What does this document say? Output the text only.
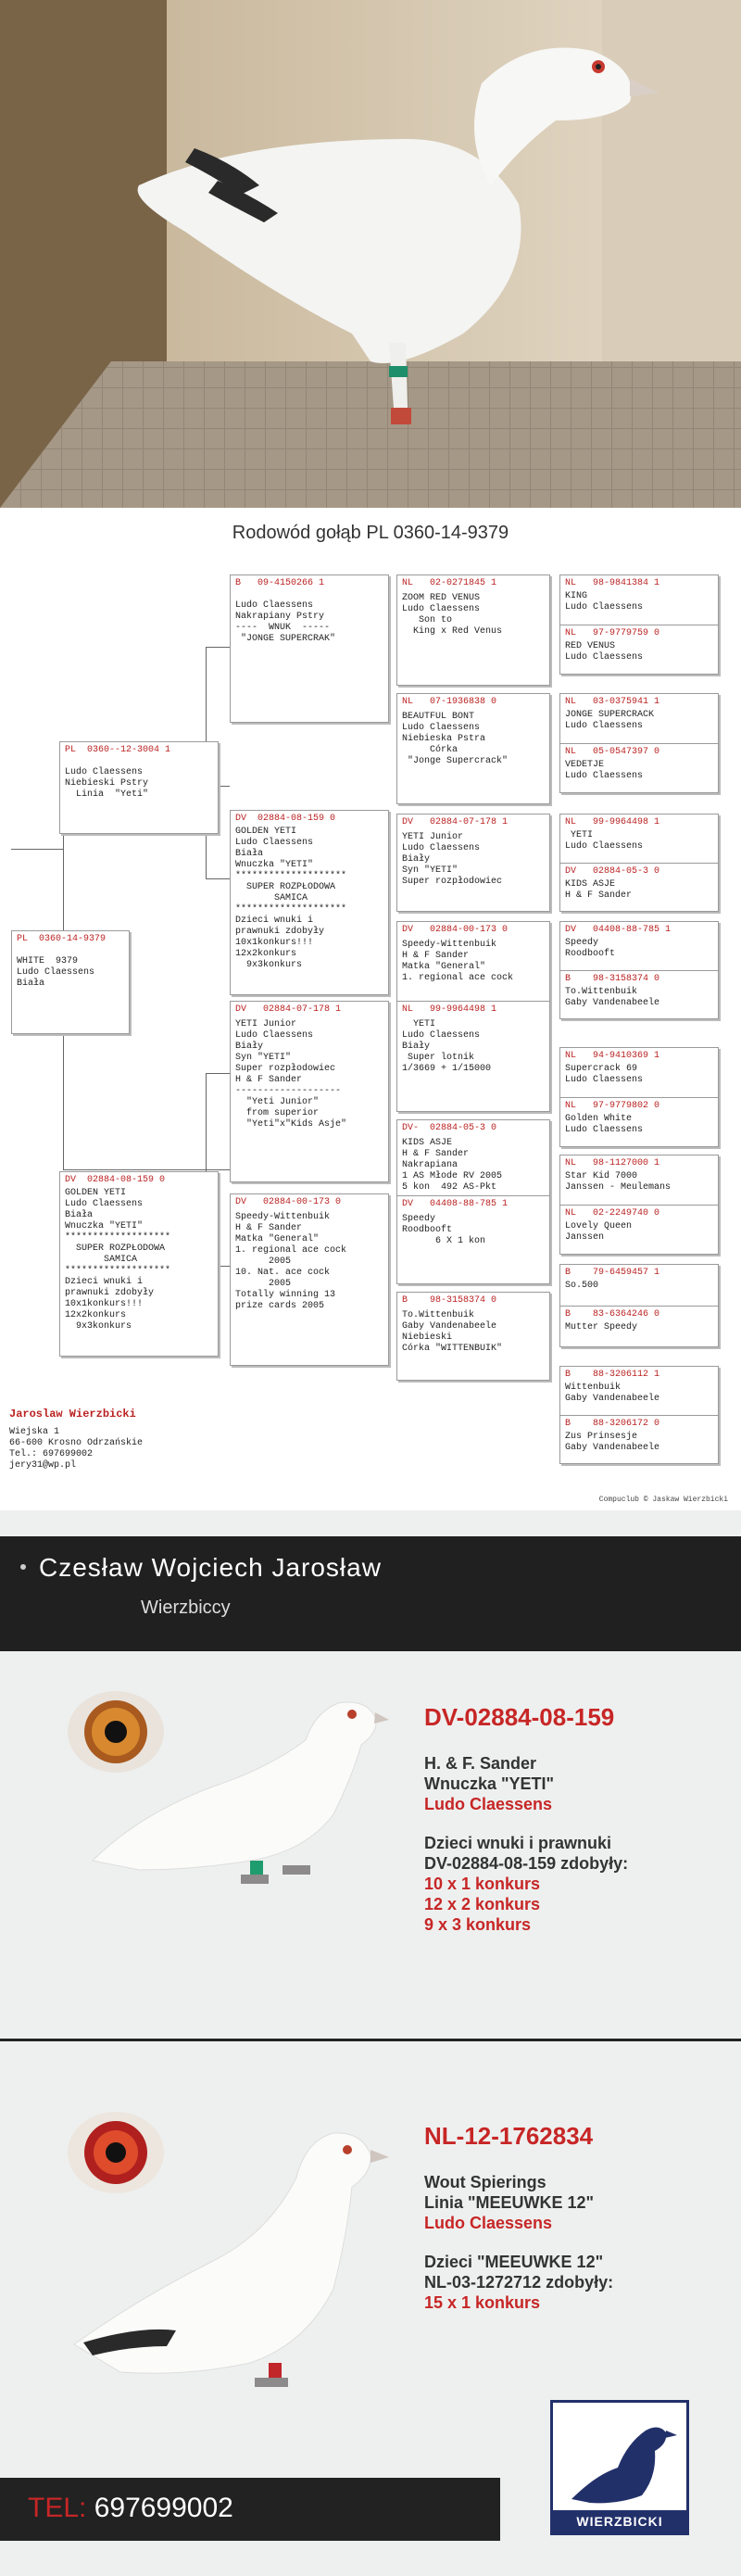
Rodowód gołąb PL 0360-14-9379
PL  0360-14-9379
WHITE  9379
Ludo Claessens
Biała
PL  0360--12-3004 1
Ludo Claessens
Niebieski Pstry
Linia  "Yeti"
DV  02884-08-159 0
GOLDEN YETI
Ludo Claessens
Biała
Wnuczka "YETI"
*******************
SUPER ROZPŁODOWA
SAMICA
*******************
Dzieci wnuki i
prawnuki zdobyły
10x1konkurs!!!
12x2konkurs
9x3konkurs
B   09-4150266 1
Ludo Claessens
Nakrapiany Pstry
----  WNUK  -----
"JONGE SUPERCRAK"
DV  02884-08-159 0
GOLDEN YETI
Ludo Claessens
Biała
Wnuczka "YETI"
********************
SUPER ROZPŁODOWA
SAMICA
********************
Dzieci wnuki i
prawnuki zdobyły
10x1konkurs!!!
12x2konkurs
9x3konkurs
DV   02884-07-178 1
YETI Junior
Ludo Claessens
Biały
Syn "YETI"
Super rozpłodowiec
H & F Sander
-------------------
"Yeti Junior"
from superior
"Yeti"x"Kids Asje"
DV   02884-00-173 0
Speedy-Wittenbuik
H & F Sander
Matka "General"
1. regional ace cock
2005
10. Nat. ace cock
2005
Totally winning 13
prize cards 2005
NL   02-0271845 1
ZOOM RED VENUS
Ludo Claessens
Son to
King x Red Venus
NL   07-1936838 0
BEAUTFUL BONT
Ludo Claessens
Niebieska Pstra
Córka
"Jonge Supercrack"
DV   02884-07-178 1
YETI Junior
Ludo Claessens
Biały
Syn "YETI"
Super rozpłodowiec
DV   02884-00-173 0
Speedy-Wittenbuik
H & F Sander
Matka "General"
1. regional ace cock
NL   99-9964498 1
YETI
Ludo Claessens
Biały
Super lotnik
1/3669 + 1/15000
DV-  02884-05-3 0
KIDS ASJE
H & F Sander
Nakrapiana
1 AS Młode RV 2005
5 kon  492 AS-Pkt
DV   04408-88-785 1
Speedy
Roodbooft
6 X 1 kon
B    98-3158374 0
To.Wittenbuik
Gaby Vandenabeele
Niebieski
Córka "WITTENBUIK"
NL   98-9841384 1
KING
Ludo Claessens
NL   97-9779759 0
RED VENUS
Ludo Claessens
NL   03-0375941 1
JONGE SUPERCRACK
Ludo Claessens
NL   05-0547397 0
VEDETJE
Ludo Claessens
NL   99-9964498 1
YETI
Ludo Claessens
DV   02884-05-3 0
KIDS ASJE
H & F Sander
DV   04408-88-785 1
Speedy
Roodbooft
B    98-3158374 0
To.Wittenbuik
Gaby Vandenabeele
NL   94-9410369 1
Supercrack 69
Ludo Claessens
NL   97-9779802 0
Golden White
Ludo Claessens
NL   98-1127000 1
Star Kid 7000
Janssen - Meulemans
NL   02-2249740 0
Lovely Queen
Janssen
B    79-6459457 1
So.500
B    83-6364246 0
Mutter Speedy
B    88-3206112 1
Wittenbuik
Gaby Vandenabeele
B    88-3206172 0
Zus Prinsesje
Gaby Vandenabeele
Jaroslaw Wierzbicki
Wiejska 1
66-600 Krosno Odrzańskie
Tel.: 697699002
jery31@wp.pl
Compuclub © Jaskaw Wierzbicki
Czesław Wojciech Jarosław
Wierzbiccy
DV-02884-08-159
H. & F. Sander
Wnuczka "YETI"
Ludo Claessens
Dzieci wnuki i prawnuki
DV-02884-08-159 zdobyły:
10 x 1 konkurs
12 x 2 konkurs
9 x 3 konkurs
NL-12-1762834
Wout Spierings
Linia "MEEUWKE 12"
Ludo Claessens
Dzieci "MEEUWKE 12"
NL-03-1272712 zdobyły:
15 x 1 konkurs
TEL: 697699002	WIERZBICKI
